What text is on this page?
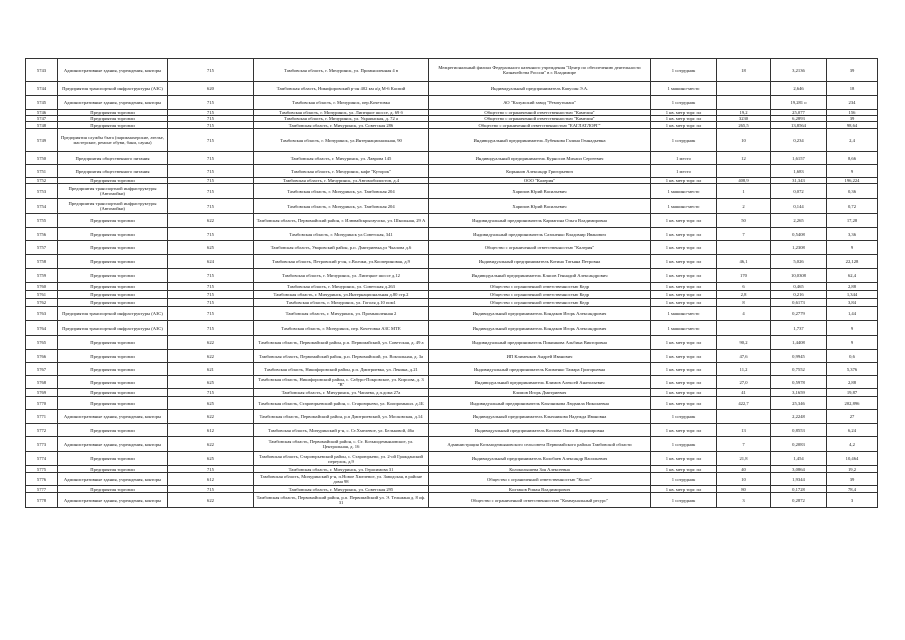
5743	Административные здания, учреждения, конторы	715	Тамбовская область, г. Мичуринск, ул. Промышленная 4 в	Межрегиональный филиал Федерального казенного учреждения "Центр по обеспечению деятельности Казначейства России" в г. Владимире	1 сотрудник	18	3,2136	39
5744	Предприятия транспортной инфраструктуры (АЗС)	620	Тамбовская область, Никифоровский р-он 402 км а/д М-6 Каспий	Индивидуальный предприниматель Капусин Э.А.	1 машино-место		2,646	18
5745	Административные здания, учреждения, конторы	715	Тамбовская область, г. Мичуринск, пер.Кочетовка	АО "Калужский завод "Ремпутьмаш"	1 сотрудник		19,281 о	234
5746	Предприятия торговли	715	Тамбовская область, г. Мичуринск, ул. Липецкое шоссе, д. 69 б	Общество с ограниченной ответственностью "Камелия"	1 кв. метр торг. пл	19,2	25,077	156
5747	Предприятия торговли	715	Тамбовская область, г. Мичуринск, ул. Украинская, д. 72 а	Общество с ограниченной ответственностью "Камелия"	1 кв. метр торг. пл	3230	6,2893	39
5748	Предприятия торговли	715	Тамбовская область, г. Мичуринск, ул. Советская 286	Общество с ограниченной ответственностью "ЕАГЛАТЛОРГ"	1 кв. метр торг. пл	265,5	13,8564	98,64
5749	Предприятия службы быта (парикмахерские, ателье, мастерские, ремонт обуви, бани, сауны)	715	Тамбовская область, г. Мичуринск, ул.Интернациональная, 90	Индивидуальный предприниматель Лубенкова Галина Геннадьевна	1 сотрудник	10	0,234	2,4
5750	Предприятия общественного питания	715	Тамбовская область, г. Мичуринск, ул. Лаврова 145	Индивидуальный предприниматель Курносов Михаил Сергеевич	1 место	12	1,6157	8,66
5751	Предприятия общественного питания	715	Тамбовская область, г. Мичуринск, кафе "Куторок"	Кирьянов Александр Григорьевич	1 место		1,683	9
5752	Предприятия торговли	715	Тамбовская область, г. Мичуринск, ул.Автомобилистов, д.4	ООО "Калерия"	1 кв. метр торг. пл	408,9	31,343	196,224
5753	Предприятия транспортной инфраструктуры (Автомойки)	715	Тамбовская область, г. Мичуринск, ул. Тамбовская 204	Харипов Юрий Васильевич	1 машино-место	1	0,072	0,36
5754	Предприятия транспортной инфраструктуры (Автомойки)	715	Тамбовская область, г. Мичуринск, ул. Тамбовская 204	Харипов Юрий Васильевич	1 машино-место	2	0,144	0,72
5755	Предприятия торговли	622	Тамбовская область, Первомайский район, г. Илювайскрыгаучско, ул. Школьная, 29 А	Индивидуальный предприниматель Кармагина Ольга Владимировна	1 кв. метр торг. пл	50	2,265	17,28
5756	Предприятия торговли	715	Тамбовская область, г. Мичуринск ул.Советская, 341	Индивидуальный предприниматель Сазоненко Владимир Иванович	1 кв. метр торг. пл	7	0,5408	3,36
5757	Предприятия торговли	625	Тамбовская область, Уваровский район, р.п. Дмитриевка,ул Чкалова д.6	Общество с ограниченной ответственностью "Калерия"	1 кв. метр торг. пл		1,2308	9
5758	Предприятия торговли	624	Тамбовская область, Петровский р-он, с.Волчки, ул.Коопериновая, д.9	Индивидуальный предприниматель Котина Татьяна Петровна	1 кв. метр торг. пл	46,1	5,026	22,128
5759	Предприятия торговли	715	Тамбовская область, г. Мичуринск, ул. Липецкое шоссе д.12	Индивидуальный предприниматель Клясов Геннадий Александрович	1 кв. метр торг. пл	170	10,0308	62,4
5760	Предприятия торговли	715	Тамбовская область, г. Мичуринск, ул. Советская д.263	Общество с ограниченной ответственностью Кедр	1 кв. метр торг. пл	6	0,465	2,88
5761	Предприятия торговли	715	Тамбовская область, г. Мичуринск, ул.Интернациональная д.80 стр.2	Общество с ограниченной ответственностью Кедр	1 кв. метр торг. пл	2,8	0,216	1,344
5762	Предприятия торговли	715	Тамбовская область, г. Мичуринск, ул. Гоголя д.10 пом1	Общество с ограниченной ответственностью Кедр	1 кв. метр торг. пл	8	0,6173	3,84
5763	Предприятия транспортной инфраструктуры (АЗС)	715	Тамбовская область, г. Мичуринск, ул. Промышленная 2	Индивидуальный предприниматель Кондаков Игорь Александрович	1 машино-место	4	0,2779	1,44
5764	Предприятия транспортной инфраструктуры (АЗС)	715	Тамбовская область, г. Мичуринск, пер. Кочетовка АЗС МТЕ	Индивидуальный предприниматель Кондаков Игорь Александрович	1 машино-место		1,737	9
5765	Предприятия торговли	622	Тамбовская область, Первомайский район, р.п. Первомайский, ул. Советская, д. 49 а	Индивидуальный предприниматель Пикинкова Альбина Викторовна	1 кв. метр торг. пл	90,2	1,4408	9
5766	Предприятия торговли	622	Тамбовская область, Первомайский район, р.п. Первомайский, ул. Вокзальная, д. 3а	ИП Клименков Андрей Иванович	1 кв. метр торг. пл	47,6	0,9945	0,6
5767	Предприятия торговли	621	Тамбовская область, Никифоровский район, р.п. Дмитриевка, ул. Ленина, д.21	Индивидуальный предприниматель Клименко Тамара Григорьевна	1 кв. метр торг. пл	11,2	0,7552	5,376
5768	Предприятия торговли	625	Тамбовская область, Никифоровский район, с. Сабуро-Покровское, ул. Кирсова, д. 3 "В"	Индивидуальный предприниматель Климов Алексей Анатольевич	1 кв. метр торг. пл	27,0	0,5978	2,88
5769	Предприятия торговли	715	Тамбовская область, г. Мичуринск, ул. Чапаева, д.ч.дома 27а	Климов Игорь Дмитриевич	1 кв. метр торг. пл	41	3,1659	19,87
5770	Предприятия торговли	625	Тамбовская область, Староюрьевский район, с. Староюрьево, ул. Коопромышл. д.1Б	Индивидуальный предприниматель Клычникова Людмила Николаевна	1 кв. метр торг. пл	422,7	25,346	202,896
5771	Административные здания, учреждения, конторы	622	Тамбовская область, Первомайский район, р.п Дмитриевский, ул. Московская, д.14	Индивидуальный предприниматель Клычникова Надежда Ивановна	1 сотрудник		2,2248	27
5772	Предприятия торговли	612	Тамбовская область, Мичуринский р-н, с. Ст.Хмелевое, ул. Бельковой, 46а	Индивидуальный предприниматель Козлова Ольга Владимировна	1 кв. метр торг. пл	13	0,8553	6,24
5773	Административные здания, учреждения, конторы	622	Тамбовская область, Первомайский район, с. Ст. Козьмодемьяновское, ул. Центральная, д. 16	Администрация Козьмодемьяновского сельсовета Первомайского района Тамбовской области	1 сотрудник	7	0,2083	4,2
5774	Предприятия торговли	625	Тамбовская область, Староюрьевский район, с. Староюрьево, ул. 2-ой Гражданский переулок, д.9	Индивидуальный предприниматель Колобаев Александр Васильевич	1 кв. метр торг. пл	21,8	1,454	10,464
5775	Предприятия торговли	715	Тамбовская область, г. Мичуринск, ул. Герасимова 31	Колоколышева Зоя Алексеевна	1 кв. метр торг. пл	40	3,0864	19,2
5776	Административные здания, учреждения, конторы	612	Тамбовская область, Мичуринский р-н, п.Новое Хмелевое, ул. Заводская, в районе дома 98	Общество с ограниченной ответственностью "Колос"	1 сотрудник	10	1,9344	39
5777	Предприятия торговли	715	Тамбовская область, г. Мичуринск, ул. Советская 295	Колтаков Роман Владимирович	1 кв. метр торг. пл	80	0,1728	78,4
5778	Административные здания, учреждения, конторы	622	Тамбовская область, Первомайский район, р.п. Первомайский ул. Э. Тельмана д. 8 оф. 31	Общество с ограниченной ответственностью "Коммунальный ресурс"	1 сотрудник	3	0,2872	3
